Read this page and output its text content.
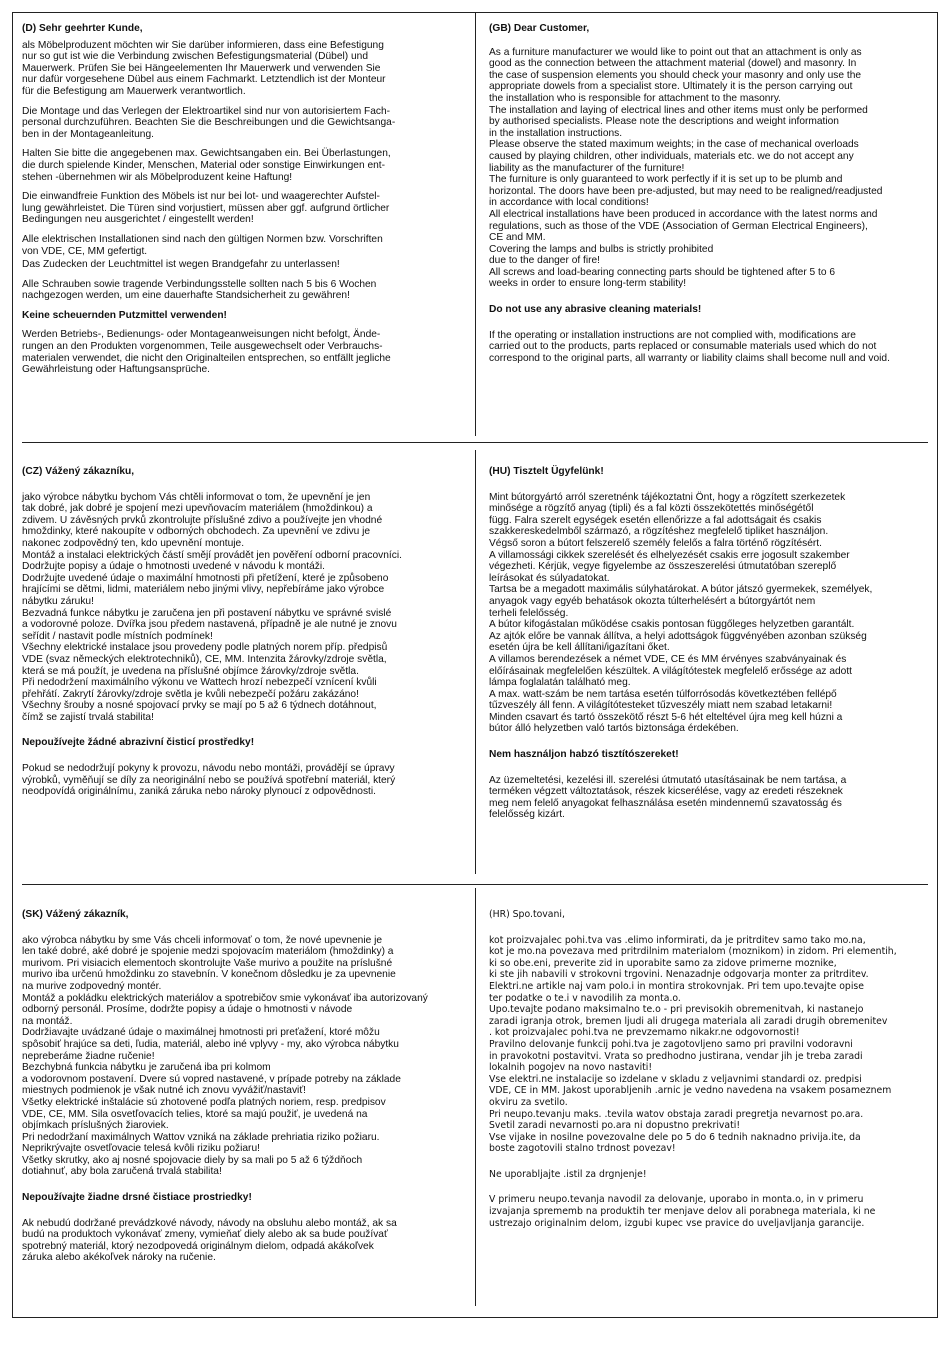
(D) Sehr geehrter Kunde,

als Möbelproduzent möchten wir Sie darüber informieren, dass eine Befestigung
nur so gut ist wie die Verbindung zwischen Befestigungsmaterial (Dübel) und
Mauerwerk. Prüfen Sie bei Hängeelementen Ihr Mauerwerk und verwenden Sie
nur dafür vorgesehene Dübel aus einem Fachmarkt. Letztendlich ist der Monteur
für die Befestigung am Mauerwerk verantwortlich.

Die Montage und das Verlegen der Elektroartikel sind nur von autorisiertem Fach-
personal durchzuführen. Beachten Sie die Beschreibungen und die Gewichtsanga-
ben in der Montageanleitung.

Halten Sie bitte die angegebenen max. Gewichtsangaben ein. Bei Überlastungen,
die durch spielende Kinder, Menschen, Material oder sonstige Einwirkungen ent-
stehen -übernehmen wir als Möbelproduzent keine Haftung!

Die einwandfreie Funktion des Möbels ist nur bei lot- und waagerechter Aufstel-
lung gewährleistet. Die Türen sind vorjustiert, müssen aber ggf. aufgrund örtlicher
Bedingungen neu ausgerichtet / eingestellt werden!

Alle elektrischen Installationen sind nach den gültigen Normen bzw. Vorschriften
von VDE, CE, MM gefertigt.

Das Zudecken der Leuchtmittel ist wegen Brandgefahr zu unterlassen!

Alle Schrauben sowie tragende Verbindungsstelle sollten nach 5 bis 6 Wochen
nachgezogen werden, um eine dauerhafte Standsicherheit zu gewähren!

Keine scheuernden Putzmittel verwenden!

Werden Betriebs-, Bedienungs- oder Montageanweisungen nicht befolgt, Ände-
rungen an den Produkten vorgenommen, Teile ausgewechselt oder Verbrauchs-
materialen verwendet, die nicht den Originalteilen entsprechen, so entfällt jegliche
Gewährleistung oder Haftungsansprüche.

(GB) Dear Customer,

As a furniture manufacturer we would like to point out that an attachment is only as
good as the connection between the attachment material (dowel) and masonry. In
the case of suspension elements you should check your masonry and only use the
appropriate dowels from a specialist store. Ultimately it is the person carrying out
the installation who is responsible for attachment to the masonry.
The installation and laying of electrical lines and other items must only be performed
by authorised specialists. Please note the descriptions and weight information
in the installation instructions.
Please observe the stated maximum weights; in the case of mechanical overloads
caused by playing children, other individuals, materials etc. we do not accept any
liability as the manufacturer of the furniture!
The furniture is only guaranteed to work perfectly if it is set up to be plumb and
horizontal. The doors have been pre-adjusted, but may need to be realigned/readjusted
in accordance with local conditions!
All electrical installations have been produced in accordance with the latest norms and
regulations, such as those of the VDE (Association of German Electrical Engineers),
CE and MM.
Covering the lamps and bulbs is strictly prohibited
due to the danger of fire!
All screws and load-bearing connecting parts should be tightened after 5 to 6
weeks in order to ensure long-term stability!

Do not use any abrasive cleaning materials!

If the operating or installation instructions are not complied with, modifications are
carried out to the products, parts replaced or consumable materials used which do not
correspond to the original parts, all warranty or liability claims shall become null and void.

(CZ) Vážený zákazníku,

jako výrobce nábytku bychom Vás chtěli informovat o tom, že upevnění je jen
tak dobré, jak dobré je spojení mezi upevňovacím materiálem (hmoždinkou) a
zdivem. U závěsných prvků zkontrolujte příslušné zdivo a používejte jen vhodné
hmoždinky, které nakoupíte v odborných obchodech. Za upevnění ve zdivu je
nakonec zodpovědný ten, kdo upevnění montuje.
Montáž a instalaci elektrických částí smějí provádět jen pověření odborní pracovníci.
Dodržujte popisy a údaje o hmotnosti uvedené v návodu k montáži.
Dodržujte uvedené údaje o maximální hmotnosti při přetížení, které je způsobeno
hrajícími se dětmi, lidmi, materiálem nebo jinými vlivy, nepřebíráme jako výrobce
nábytku záruku!
Bezvadná funkce nábytku je zaručena jen při postavení nábytku ve správné svislé
a vodorovné poloze. Dvířka jsou předem nastavená, případně je ale nutné je znovu
seřídit / nastavit podle místních podmínek!
Všechny elektrické instalace jsou provedeny podle platných norem příp. předpisů
VDE (svaz německých elektrotechniků), CE, MM. Intenzita žárovky/zdroje světla,
která se má použít, je uvedena na příslušné objímce žárovky/zdroje světla.
Při nedodržení maximálního výkonu ve Wattech hrozí nebezpečí vznícení kvůli
přehřátí. Zakrytí žárovky/zdroje světla je kvůli nebezpečí požáru zakázáno!
Všechny šrouby a nosné spojovací prvky se mají po 5 až 6 týdnech dotáhnout,
čímž se zajistí trvalá stabilita!

Nepoužívejte žádné abrazivní čisticí prostředky!

Pokud se nedodržují pokyny k provozu, návodu nebo montáži, provádějí se úpravy
výrobků, vyměňují se díly za neoriginální nebo se používá spotřební materiál, který
neodpovídá originálnímu, zaniká záruka nebo nároky plynoucí z odpovědnosti.

(HU) Tisztelt Ügyfelünk!

Mint bútorgyártó arról szeretnénk tájékoztatni Önt, hogy a rögzített szerkezetek
minősége a rögzítő anyag (tipli) és a fal közti összekötettés minőségétől
függ. Falra szerelt egységek esetén ellenőrizze a fal adottságait és csakis
szakkereskedelmből származó, a rögzítéshez megfelelő tipliket használjon.
Végső soron a bútort felszerelő személy felelős a falra történő rögzítésért.
A villamossági cikkek szerelését és elhelyezését csakis erre jogosult szakember
végezheti. Kérjük, vegye figyelembe az összeszerelési útmutatóban szereplő
leírásokat és súlyadatokat.
Tartsa be a megadott maximális súlyhatárokat. A bútor játszó gyermekek, személyek,
anyagok vagy egyéb behatások okozta túlterhelésért a bútorgyártót nem
terheli felelősség.
A bútor kifogástalan működése csakis pontosan függőleges helyzetben garantált.
Az ajtók előre be vannak állítva, a helyi adottságok függvényében azonban szükség
esetén újra be kell állítani/igazítani őket.
A villamos berendezések a német VDE, CE és MM érvényes szabványainak és
előírásainak megfelelően készültek. A világítótestek megfelelő erőssége az adott
lámpa foglalatán található meg.
A max. watt-szám be nem tartása esetén túlforrósodás következtében fellépő
tűzveszély áll fenn. A világítótesteket tűzveszély miatt nem szabad letakarni!
Minden csavart és tartó összekötő részt 5-6 hét elteltével újra meg kell húzni a
bútor álló helyzetben való tartós biztonsága érdekében.

Nem használjon habzó tisztítószereket!

Az üzemeltetési, kezelési ill. szerelési útmutató utasításainak be nem tartása, a
terméken végzett változtatások, részek kicserélése, vagy az eredeti részeknek
meg nem felelő anyagokat felhasználása esetén mindennemű szavatosság és
felelősség kizárt.

(SK) Vážený zákazník,

ako výrobca nábytku by sme Vás chceli informovať o tom, že nové upevnenie je
len také dobré, aké dobré je spojenie medzi spojovacím materiálom (hmoždinky) a
murivom. Pri visiacich elementoch skontrolujte Vaše murivo a použite na príslušné
murivo iba určenú hmoždinku zo stavebnín. V konečnom dôsledku je za upevnenie
na murive zodpovedný montér.
Montáž a pokládku elektrických materiálov a spotrebičov smie vykonávať iba autorizovaný
odborný personál. Prosíme, dodržte popisy a údaje o hmotnosti v návode
na montáž.
Dodržiavajte uvádzané údaje o maximálnej hmotnosti pri preťažení, ktoré môžu
spôsobiť hrajúce sa deti, ľudia, materiál, alebo iné vplyvy - my, ako výrobca nábytku
nepreberáme žiadne ručenie!
Bezchybná funkcia nábytku je zaručená iba pri kolmom
a vodorovnom postavení. Dvere sú vopred nastavené, v prípade potreby na základe
miestnych podmienok je však nutné ich znovu vyvážiť/nastaviť!
Všetky elektrické inštalácie sú zhotovené podľa platných noriem, resp. predpisov
VDE, CE, MM. Sila osvetľovacích telies, ktoré sa majú použiť, je uvedená na
objímkach príslušných žiaroviek.
Pri nedodržaní maximálnych Wattov vzniká na základe prehriatia riziko požiaru.
Neprikrývajte osvetľovacie telesá kvôli riziku požiaru!
Všetky skrutky, ako aj nosné spojovacie diely by sa mali po 5 až 6 týždňoch
dotiahnuť, aby bola zaručená trvalá stabilita!

Nepoužívajte žiadne drsné čistiace prostriedky!

Ak nebudú dodržané prevádzkové návody, návody na obsluhu alebo montáž, ak sa
budú na produktoch vykonávať zmeny, vymieňať diely alebo ak sa bude používať
spotrebný materiál, ktorý nezodpovedá originálnym dielom, odpadá akákoľvek
záruka alebo akékoľvek nároky na ručenie.

(HR) Spo.tovani,

kot proizvajalec pohi.tva vas .elimo informirati, da je pritrditev samo tako mo.na,
kot je mo.na povezava med pritrdilnim materialom (moznikom) in zidom. Pri elementih,
ki so obe.eni, preverite zid in uporabite samo za zidove primerne moznike,
ki ste jih nabavili v strokovni trgovini. Nenazadnje odgovarja monter za pritrditev.
Elektri.ne artikle naj vam polo.i in montira strokovnjak. Pri tem upo.tevajte opise
ter podatke o te.i v navodilih za monta.o.
Upo.tevajte podano maksimalno te.o - pri previsokih obremenitvah, ki nastanejo
zaradi igranja otrok, bremen ljudi ali drugega materiala ali zaradi drugih obremenitev
. kot proizvajalec pohi.tva ne prevzemamo nikakr.ne odgovornosti!
Pravilno delovanje funkcij pohi.tva je zagotovljeno samo pri pravilni vodoravni
in pravokotni postavitvi. Vrata so predhodno justirana, vendar jih je treba zaradi
lokalnih pogojev na novo nastaviti!
Vse elektri.ne instalacije so izdelane v skladu z veljavnimi standardi oz. predpisi
VDE, CE in MM. Jakost uporabljenih .arnic je vedno navedena na vsakem posameznem
okviru za svetilo.
Pri neupo.tevanju maks. .tevila watov obstaja zaradi pregretja nevarnost po.ara.
Svetil zaradi nevarnosti po.ara ni dopustno prekrivati!
Vse vijake in nosilne povezovalne dele po 5 do 6 tednih naknadno privija.ite, da
boste zagotovili stalno trdnost povezav!

Ne uporabljajte .istil za drgnjenje!

V primeru neupo.tevanja navodil za delovanje, uporabo in monta.o, in v primeru
izvajanja sprememb na produktih ter menjave delov ali porabnega materiala, ki ne
ustrezajo originalnim delom, izgubi kupec vse pravice do uveljavljanja garancije.
